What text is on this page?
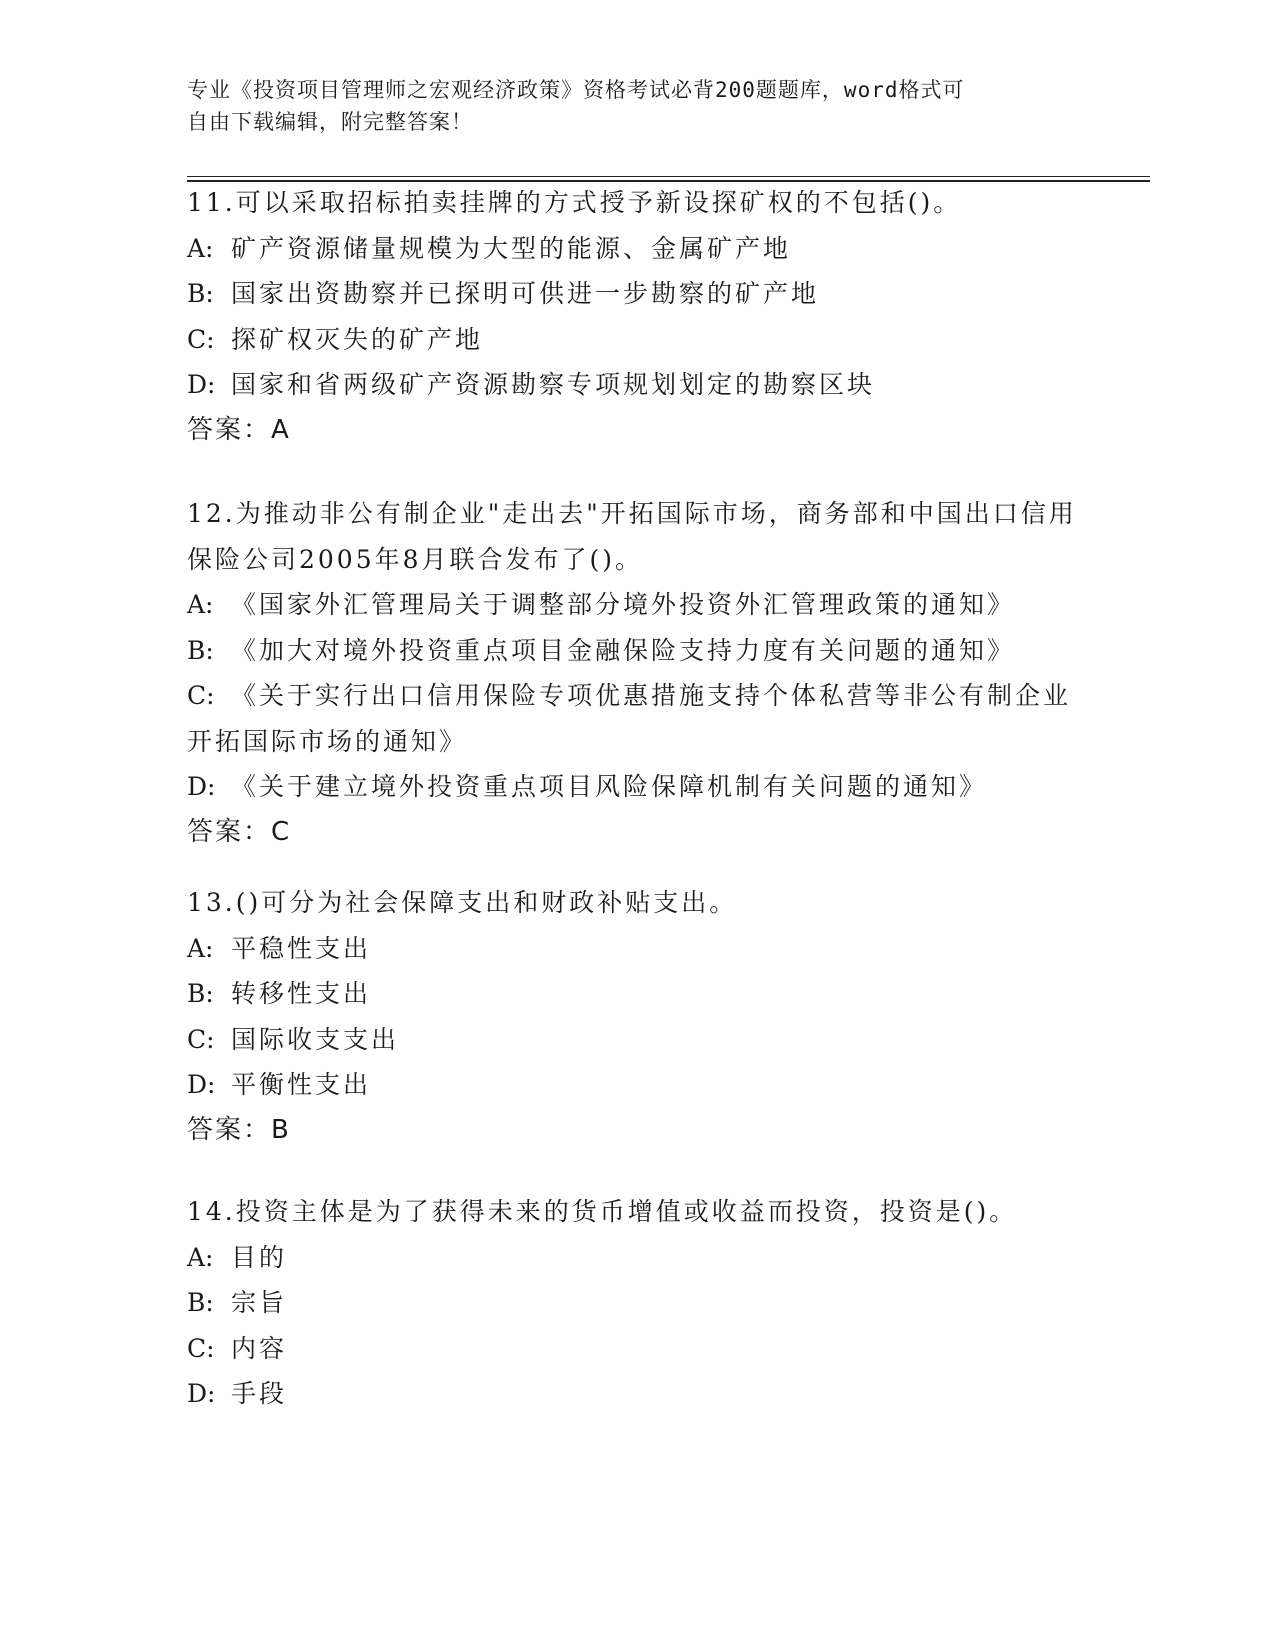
专业《投资项目管理师之宏观经济政策》资格考试必背200题题库，word格式可
自由下载编辑，附完整答案！
11.可以采取招标拍卖挂牌的方式授予新设探矿权的不包括()。
A: 矿产资源储量规模为大型的能源、金属矿产地
B: 国家出资勘察并已探明可供进一步勘察的矿产地
C: 探矿权灭失的矿产地
D: 国家和省两级矿产资源勘察专项规划划定的勘察区块
答案：A
12.为推动非公有制企业"走出去"开拓国际市场，商务部和中国出口信用保险公司2005年8月联合发布了()。
A: 《国家外汇管理局关于调整部分境外投资外汇管理政策的通知》
B: 《加大对境外投资重点项目金融保险支持力度有关问题的通知》
C: 《关于实行出口信用保险专项优惠措施支持个体私营等非公有制企业开拓国际市场的通知》
D: 《关于建立境外投资重点项目风险保障机制有关问题的通知》
答案：C
13.()可分为社会保障支出和财政补贴支出。
A: 平稳性支出
B: 转移性支出
C: 国际收支支出
D: 平衡性支出
答案：B
14.投资主体是为了获得未来的货币增值或收益而投资，投资是()。
A: 目的
B: 宗旨
C: 内容
D: 手段
